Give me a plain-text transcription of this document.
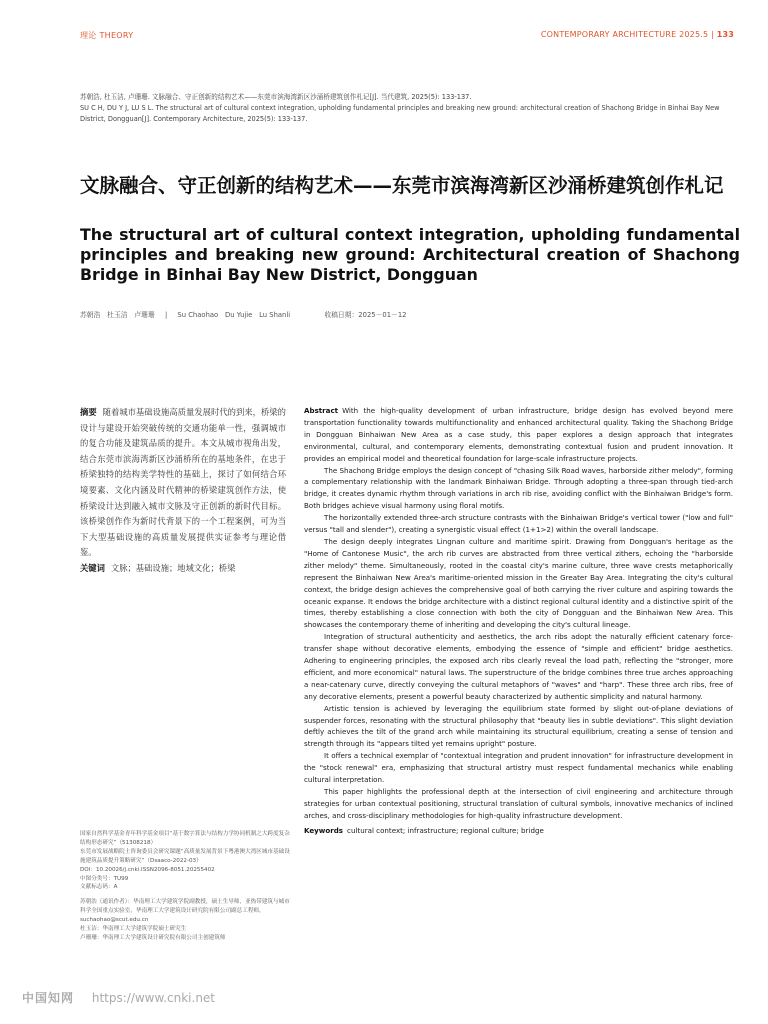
理论 THEORY	CONTEMPORARY ARCHITECTURE 2025.5 | 133

苏朝浩, 杜玉洁, 卢珊珊. 文脉融合、守正创新的结构艺术——东莞市滨海湾新区沙涌桥建筑创作札记[J]. 当代建筑, 2025(5): 133-137.

SU C H, DU Y J, LU S L. The structural art of cultural context integration, upholding fundamental principles and breaking new ground: architectural creation of Shachong Bridge in Binhai Bay New District, Dongguan[J]. Contemporary Architecture, 2025(5): 133-137.

文脉融合、守正创新的结构艺术——东莞市滨海湾新区沙涌桥建筑创作札记
The structural art of cultural context integration, upholding fundamental principles and breaking new ground: Architectural creation of Shachong Bridge in Binhai Bay New District, Dongguan
苏朝浩　杜玉洁　卢珊珊 | Su Chaohao　Du Yujie　Lu Shanli	收稿日期：2025－01－12

摘要 随着城市基础设施高质量发展时代的到来，桥梁的设计与建设开始突破传统的交通功能单一性，强调城市的复合功能及建筑品质的提升。本文从城市视角出发，结合东莞市滨海湾新区沙涌桥所在的基地条件，在忠于桥梁独特的结构美学特性的基础上，探讨了如何结合环境要素、文化内涵及时代精神的桥梁建筑创作方法，使桥梁设计达到融入城市文脉及守正创新的新时代目标。该桥梁创作作为新时代背景下的一个工程案例，可为当下大型基础设施的高质量发展提供实证参考与理论借鉴。

关键词 文脉；基础设施；地域文化；桥梁

国家自然科学基金青年科学基金项目“基于数字算法与结构力学协同机制之大跨度复杂结构形态研究”（51308218）

东莞市发展战略院士咨询委员会研究课题“高质量发展背景下粤港澳大湾区城市基础设施建筑品质提升策略研究”（Dsaaco-2022-03）

DOI：10.20026/j.cnki.ISSN2096-8051.20255402

中图分类号：TU99

文献标志码：A

苏朝浩（通讯作者）：华南理工大学建筑学院副教授，硕士生导师，亚热带建筑与城市科学全国重点实验室，华南理工大学建筑设计研究院有限公司副总工程师，suchaohao@scut.edu.cn

杜玉洁：华南理工大学建筑学院硕士研究生

卢珊珊：华南理工大学建筑设计研究院有限公司主创建筑师

Abstract With the high-quality development of urban infrastructure, bridge design has evolved beyond mere transportation functionality towards multifunctionality and enhanced architectural quality. Taking the Shachong Bridge in Dongguan Binhaiwan New Area as a case study, this paper explores a design approach that integrates environmental, cultural, and contemporary elements, demonstrating contextual fusion and prudent innovation. It provides an empirical model and theoretical foundation for large-scale infrastructure projects.

The Shachong Bridge employs the design concept of "chasing Silk Road waves, harborside zither melody", forming a complementary relationship with the landmark Binhaiwan Bridge. Through adopting a three-span through tied-arch bridge, it creates dynamic rhythm through variations in arch rib rise, avoiding conflict with the Binhaiwan Bridge's form. Both bridges achieve visual harmony using floral motifs.

The horizontally extended three-arch structure contrasts with the Binhaiwan Bridge's vertical tower ("low and full" versus "tall and slender"), creating a synergistic visual effect (1+1>2) within the overall landscape.

The design deeply integrates Lingnan culture and maritime spirit. Drawing from Dongguan's heritage as the "Home of Cantonese Music", the arch rib curves are abstracted from three vertical zithers, echoing the "harborside zither melody" theme. Simultaneously, rooted in the coastal city's marine culture, three wave crests metaphorically represent the Binhaiwan New Area's maritime-oriented mission in the Greater Bay Area. Integrating the city's cultural context, the bridge design achieves the comprehensive goal of both carrying the river culture and aspiring towards the oceanic expanse. It endows the bridge architecture with a distinct regional cultural identity and a distinctive spirit of the times, thereby establishing a close connection with both the city of Dongguan and the Binhaiwan New Area. This showcases the contemporary theme of inheriting and developing the city's cultural lineage.

Integration of structural authenticity and aesthetics, the arch ribs adopt the naturally efficient catenary force-transfer shape without decorative elements, embodying the essence of "simple and efficient" bridge aesthetics. Adhering to engineering principles, the exposed arch ribs clearly reveal the load path, reflecting the "stronger, more efficient, and more economical" natural laws. The superstructure of the bridge combines three true arches approaching a near-catenary curve, directly conveying the cultural metaphors of "waves" and "harp". These three arch ribs, free of any decorative elements, present a powerful beauty characterized by authentic simplicity and natural harmony.

Artistic tension is achieved by leveraging the equilibrium state formed by slight out-of-plane deviations of suspender forces, resonating with the structural philosophy that "beauty lies in subtle deviations". This slight deviation deftly achieves the tilt of the grand arch while maintaining its structural equilibrium, creating a sense of tension and strength through its "appears tilted yet remains upright" posture.

It offers a technical exemplar of "contextual integration and prudent innovation" for infrastructure development in the "stock renewal" era, emphasizing that structural artistry must respect fundamental mechanics while enabling cultural interpretation.

This paper highlights the professional depth at the intersection of civil engineering and architecture through strategies for urban contextual positioning, structural translation of cultural symbols, innovative mechanics of inclined arches, and cross-disciplinary methodologies for high-quality infrastructure development.

Keywords cultural context; infrastructure; regional culture; bridge

中国知网 https://www.cnki.net
